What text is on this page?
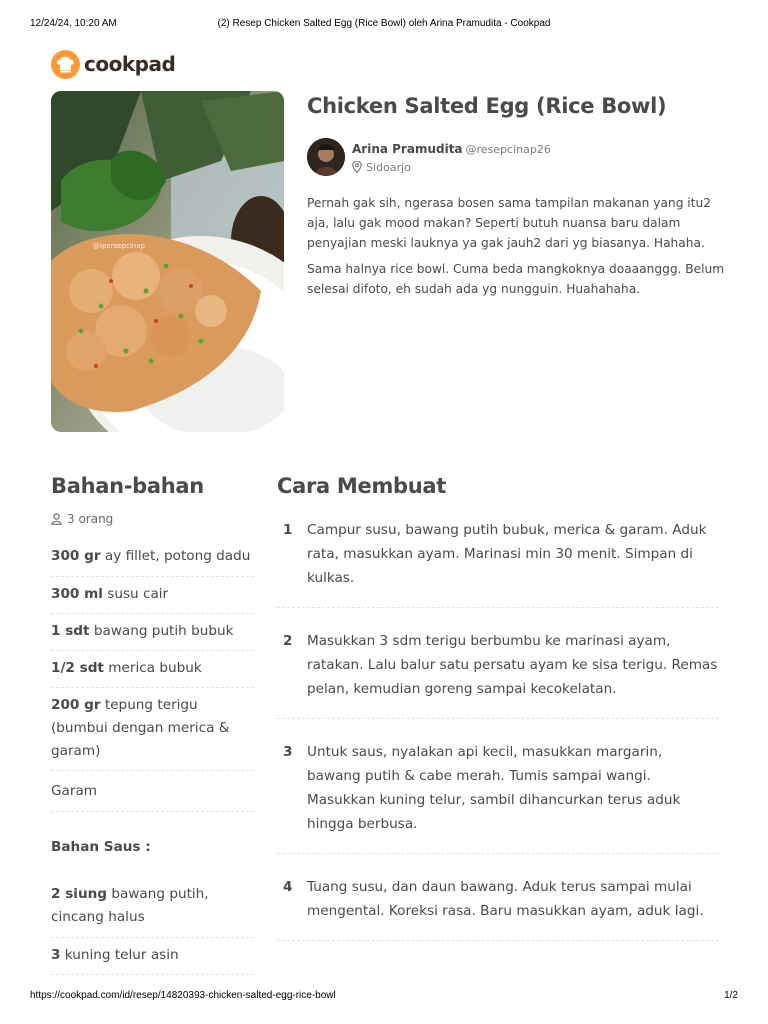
12/24/24, 10:20 AM	(2) Resep Chicken Salted Egg (Rice Bowl) oleh Arina Pramudita - Cookpad
cookpad
@ipersepcinap
Chicken Salted Egg (Rice Bowl)
Arina Pramudita @resepcinap26
Sidoarjo

Pernah gak sih, ngerasa bosen sama tampilan makanan yang itu2 aja, lalu gak mood makan? Seperti butuh nuansa baru dalam penyajian meski lauknya ya gak jauh2 dari yg biasanya. Hahaha.

Sama halnya rice bowl. Cuma beda mangkoknya doaaanggg. Belum selesai difoto, eh sudah ada yg nungguin. Huahahaha.

Bahan-bahan
3 orang
300 gr ay fillet, potong dadu
300 ml susu cair
1 sdt bawang putih bubuk
1/2 sdt merica bubuk
200 gr tepung terigu (bumbui dengan merica & garam)
Garam
Bahan Saus :
2 siung bawang putih, cincang halus
3 kuning telur asin
Cara Membuat
1	Campur susu, bawang putih bubuk, merica & garam. Aduk rata, masukkan ayam. Marinasi min 30 menit. Simpan di kulkas.
2	Masukkan 3 sdm terigu berbumbu ke marinasi ayam, ratakan. Lalu balur satu persatu ayam ke sisa terigu. Remas pelan, kemudian goreng sampai kecokelatan.
3	Untuk saus, nyalakan api kecil, masukkan margarin, bawang putih & cabe merah. Tumis sampai wangi. Masukkan kuning telur, sambil dihancurkan terus aduk hingga berbusa.
4	Tuang susu, dan daun bawang. Aduk terus sampai mulai mengental. Koreksi rasa. Baru masukkan ayam, aduk lagi.
https://cookpad.com/id/resep/14820393-chicken-salted-egg-rice-bowl	1/2
